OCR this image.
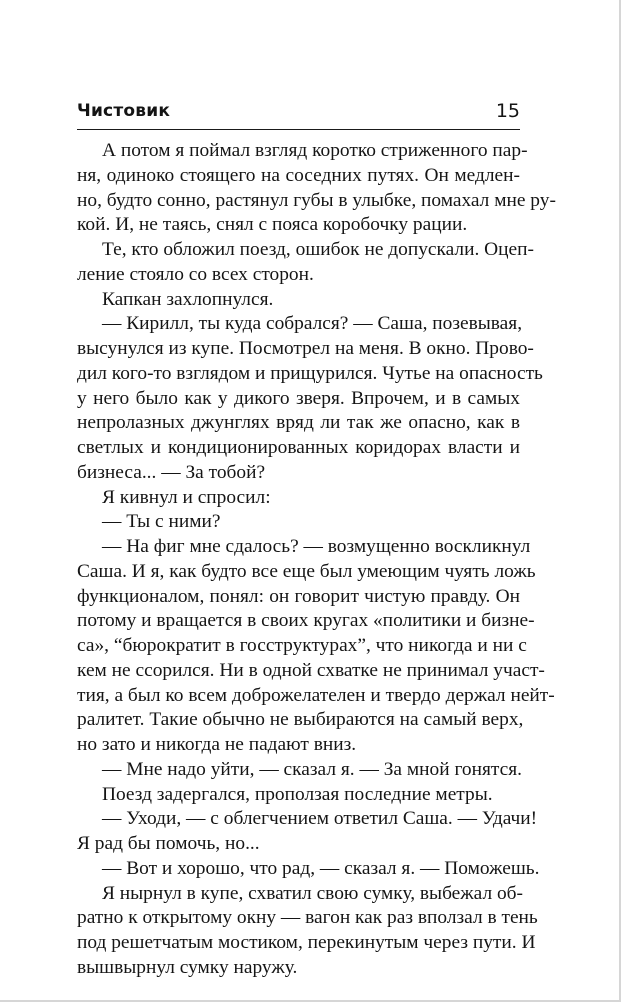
Чистовик	15
А потом я поймал взгляд коротко стриженного пар-
ня, одиноко стоящего на соседних путях. Он медлен-
но, будто сонно, растянул губы в улыбке, помахал мне ру-
кой. И, не таясь, снял с пояса коробочку рации.
Те, кто обложил поезд, ошибок не допускали. Оцеп-
ление стояло со всех сторон.
Капкан захлопнулся.
— Кирилл, ты куда собрался? — Саша, позевывая,
высунулся из купе. Посмотрел на меня. В окно. Прово-
дил кого-то взглядом и прищурился. Чутье на опасность
у него было как у дикого зверя. Впрочем, и в самых
непролазных джунглях вряд ли так же опасно, как в
светлых и кондиционированных коридорах власти и
бизнеса... — За тобой?
Я кивнул и спросил:
— Ты с ними?
— На фиг мне сдалось? — возмущенно воскликнул
Саша. И я, как будто все еще был умеющим чуять ложь
функционалом, понял: он говорит чистую правду. Он
потому и вращается в своих кругах «политики и бизне-
са», “бюрократит в госструктурах”, что никогда и ни с
кем не ссорился. Ни в одной схватке не принимал участ-
тия, а был ко всем доброжелателен и твердо держал нейт-
ралитет. Такие обычно не выбираются на самый верх,
но зато и никогда не падают вниз.
— Мне надо уйти, — сказал я. — За мной гонятся.
Поезд задергался, проползая последние метры.
— Уходи, — с облегчением ответил Саша. — Удачи!
Я рад бы помочь, но...
— Вот и хорошо, что рад, — сказал я. — Поможешь.
Я нырнул в купе, схватил свою сумку, выбежал об-
ратно к открытому окну — вагон как раз вползал в тень
под решетчатым мостиком, перекинутым через пути. И
вышвырнул сумку наружу.
